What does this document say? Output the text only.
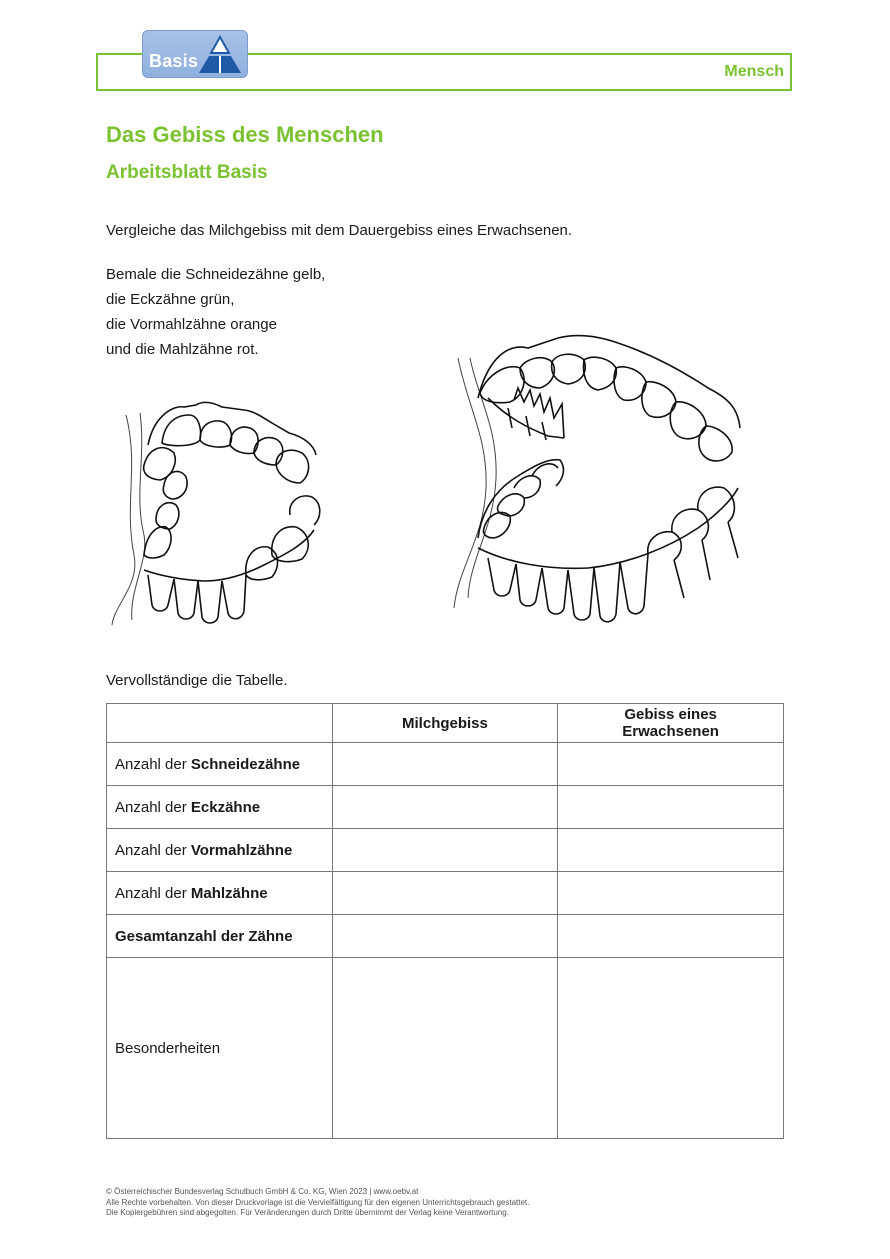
Basis
Mensch
Das Gebiss des Menschen
Arbeitsblatt Basis
Vergleiche das Milchgebiss mit dem Dauergebiss eines Erwachsenen.
Bemale die Schneidezähne gelb,
die Eckzähne grün,
die Vormahlzähne orange
und die Mahlzähne rot.
Vervollständige die Tabelle.
	Milchgebiss	Gebiss eines Erwachsenen
Anzahl der Schneidezähne		
Anzahl der Eckzähne		
Anzahl der Vormahlzähne		
Anzahl der Mahlzähne		
Gesamtanzahl der Zähne		
Besonderheiten		
© Österreichischer Bundesverlag Schulbuch GmbH & Co. KG, Wien 2023 | www.oebv.at
Alle Rechte vorbehalten. Von dieser Druckvorlage ist die Vervielfältigung für den eigenen Unterrichtsgebrauch gestattet.
Die Kopiergebühren sind abgegolten. Für Veränderungen durch Dritte übernimmt der Verlag keine Verantwortung.
